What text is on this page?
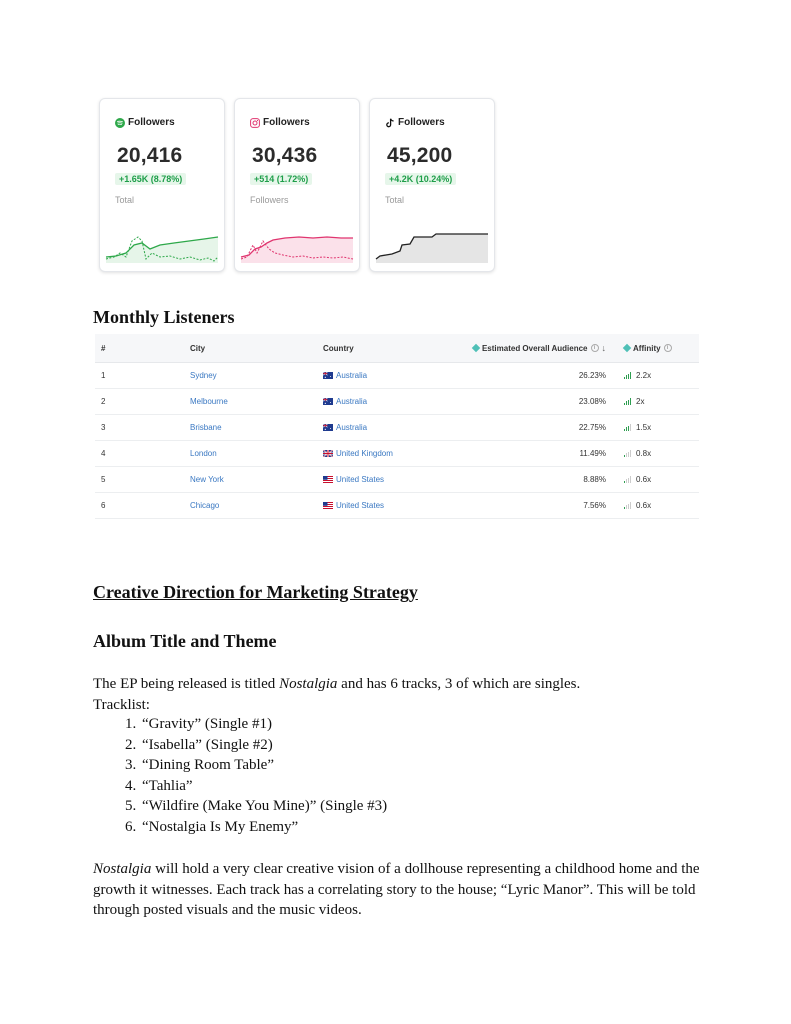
Followers
20,416
+1.65K (8.78%)
Total
Followers
30,436
+514 (1.72%)
Followers
Followers
45,200
+4.2K (10.24%)
Total
Monthly Listeners
#	City	Country	Estimated Overall Audience	i ↓	Affinity	i
1	Sydney	Australia	26.23%	2.2x
2	Melbourne	Australia	23.08%	2x
3	Brisbane	Australia	22.75%	1.5x
4	London	United Kingdom	11.49%	0.8x
5	New York	United States	8.88%	0.6x
6	Chicago	United States	7.56%	0.6x
Creative Direction for Marketing Strategy
Album Title and Theme

The EP being released is titled Nostalgia and has 6 tracks, 3 of which are singles.
Tracklist:

1. “Gravity” (Single #1)
2. “Isabella” (Single #2)
3. “Dining Room Table”
4. “Tahlia”
5. “Wildfire (Make You Mine)” (Single #3)
6. “Nostalgia Is My Enemy”

Nostalgia will hold a very clear creative vision of a dollhouse representing a childhood home and the growth it witnesses. Each track has a correlating story to the house; “Lyric Manor”. This will be told through posted visuals and the music videos.
